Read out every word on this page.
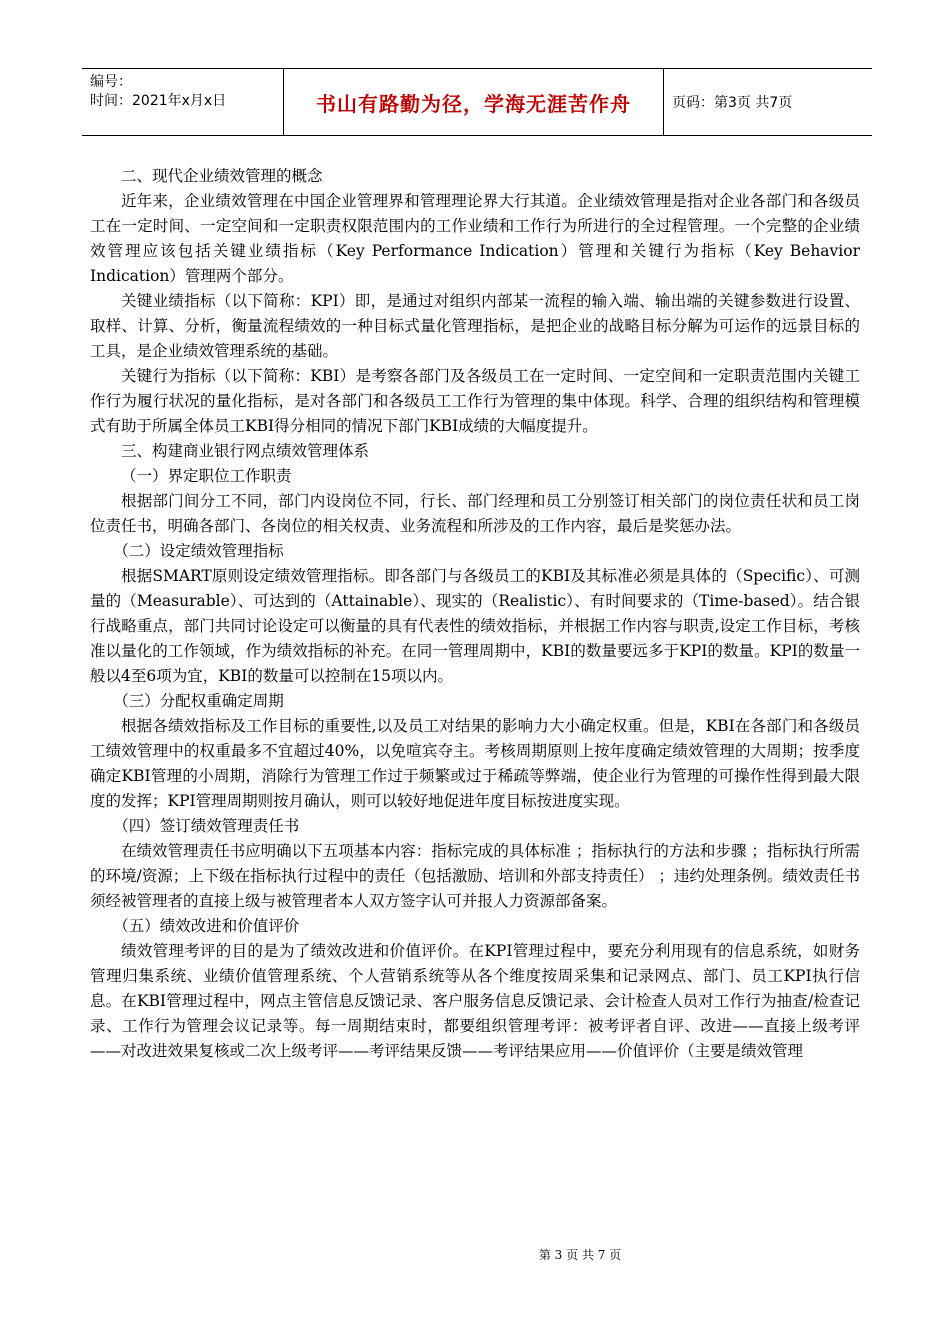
编号：
时间：2021年x月x日	书山有路勤为径，学海无涯苦作舟	页码：第3页 共7页

二、现代企业绩效管理的概念

近年来，企业绩效管理在中国企业管理界和管理理论界大行其道。企业绩效管理是指对企业各部门和各级员工在一定时间、一定空间和一定职责权限范围内的工作业绩和工作行为所进行的全过程管理。一个完整的企业绩效管理应该包括关键业绩指标（Key Performance Indication）管理和关键行为指标（Key Behavior Indication）管理两个部分。

关键业绩指标（以下简称：KPI）即，是通过对组织内部某一流程的输入端、输出端的关键参数进行设置、取样、计算、分析，衡量流程绩效的一种目标式量化管理指标，是把企业的战略目标分解为可运作的远景目标的工具，是企业绩效管理系统的基础。

关键行为指标（以下简称：KBI）是考察各部门及各级员工在一定时间、一定空间和一定职责范围内关键工作行为履行状况的量化指标，是对各部门和各级员工工作行为管理的集中体现。科学、合理的组织结构和管理模式有助于所属全体员工KBI得分相同的情况下部门KBI成绩的大幅度提升。

三、构建商业银行网点绩效管理体系

（一）界定职位工作职责

根据部门间分工不同，部门内设岗位不同，行长、部门经理和员工分别签订相关部门的岗位责任状和员工岗位责任书，明确各部门、各岗位的相关权责、业务流程和所涉及的工作内容，最后是奖惩办法。

（二）设定绩效管理指标

根据SMART原则设定绩效管理指标。即各部门与各级员工的KBI及其标准必须是具体的（Specific）、可测量的（Measurable）、可达到的（Attainable）、现实的（Realistic）、有时间要求的（Time-based）。结合银行战略重点，部门共同讨论设定可以衡量的具有代表性的绩效指标，并根据工作内容与职责,设定工作目标，考核准以量化的工作领域，作为绩效指标的补充。在同一管理周期中，KBI的数量要远多于KPI的数量。KPI的数量一般以4至6项为宜，KBI的数量可以控制在15项以内。

（三）分配权重确定周期

根据各绩效指标及工作目标的重要性,以及员工对结果的影响力大小确定权重。但是，KBI在各部门和各级员工绩效管理中的权重最多不宜超过40%，以免喧宾夺主。考核周期原则上按年度确定绩效管理的大周期；按季度确定KBI管理的小周期，消除行为管理工作过于频繁或过于稀疏等弊端，使企业行为管理的可操作性得到最大限度的发挥；KPI管理周期则按月确认，则可以较好地促进年度目标按进度实现。

（四）签订绩效管理责任书

在绩效管理责任书应明确以下五项基本内容：指标完成的具体标准 ；指标执行的方法和步骤 ；指标执行所需的环境/资源；上下级在指标执行过程中的责任（包括激励、培训和外部支持责任） ；违约处理条例。绩效责任书须经被管理者的直接上级与被管理者本人双方签字认可并报人力资源部备案。

（五）绩效改进和价值评价

绩效管理考评的目的是为了绩效改进和价值评价。在KPI管理过程中，要充分利用现有的信息系统，如财务管理归集系统、业绩价值管理系统、个人营销系统等从各个维度按周采集和记录网点、部门、员工KPI执行信息。在KBI管理过程中，网点主管信息反馈记录、客户服务信息反馈记录、会计检查人员对工作行为抽查/检查记录、工作行为管理会议记录等。每一周期结束时，都要组织管理考评：被考评者自评、改进——直接上级考评——对改进效果复核或二次上级考评——考评结果反馈——考评结果应用——价值评价（主要是绩效管理

第 3 页 共 7 页
